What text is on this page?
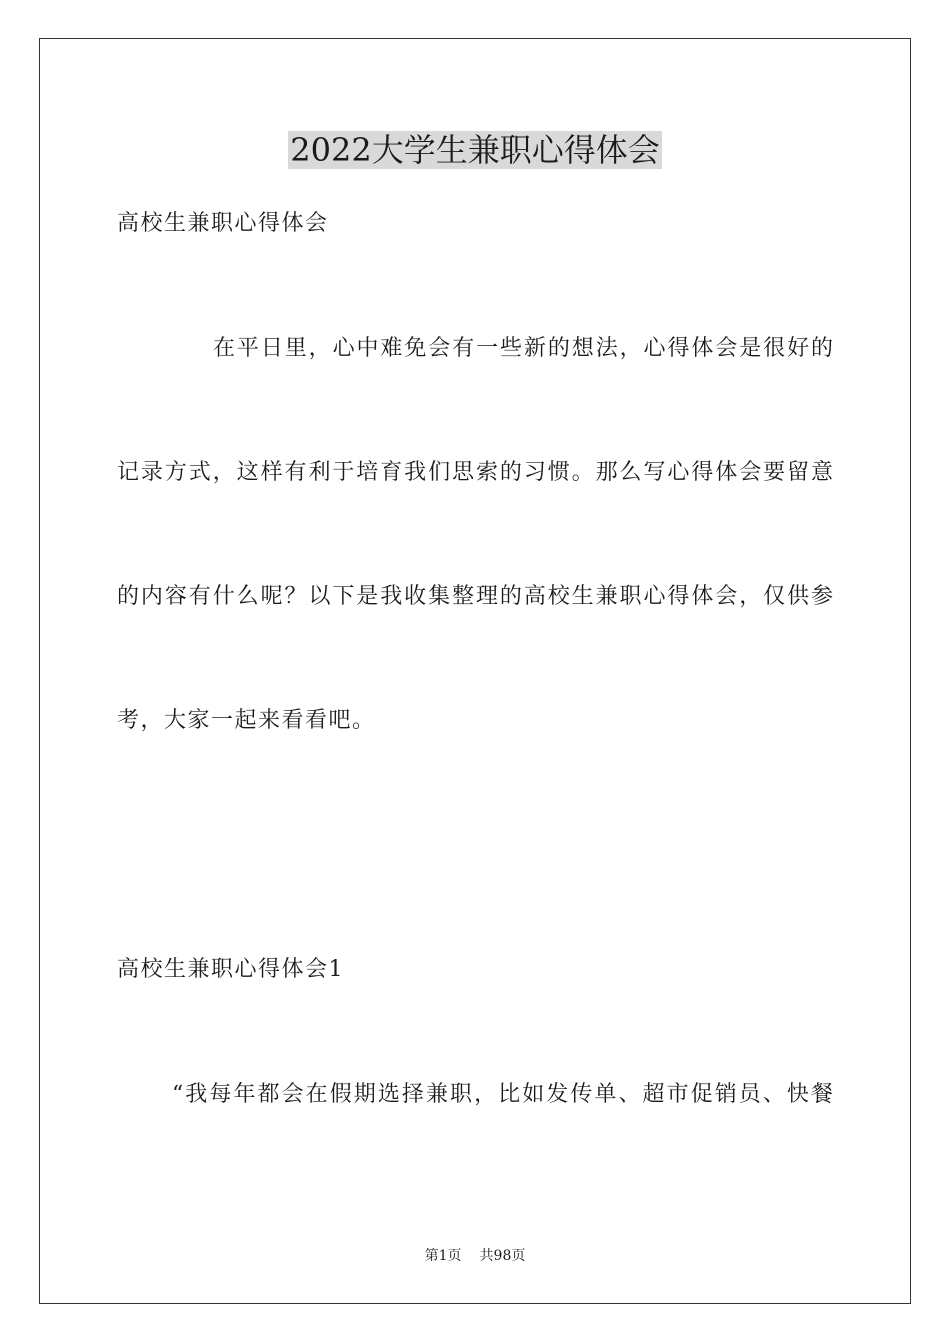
2022大学生兼职心得体会
高校生兼职心得体会
在平日里，心中难免会有一些新的想法，心得体会是很好的
记录方式，这样有利于培育我们思索的习惯。那么写心得体会要留意
的内容有什么呢？以下是我收集整理的高校生兼职心得体会，仅供参
考，大家一起来看看吧。
高校生兼职心得体会1
“我每年都会在假期选择兼职，比如发传单、超市促销员、快餐
第1页 共98页
